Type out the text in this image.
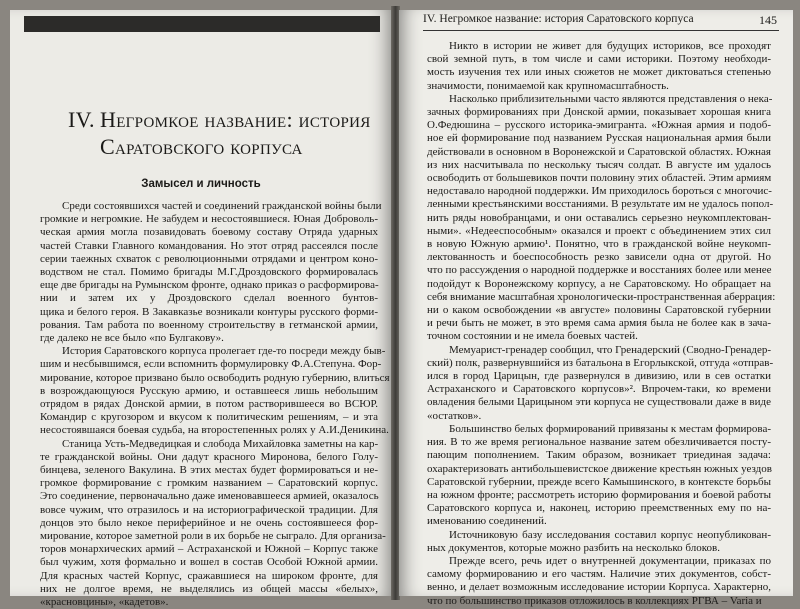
IV. Негромкое название: история
Саратовского корпуса
Замысел и личность

Среди состоявшихся частей и соединений гражданской войны были
громкие и негромкие. Не забудем и несостоявшиеся. Юная Доброволь-
ческая армия могла позавидовать боевому составу Отряда ударных
частей Ставки Главного командования. Но этот отряд рассеялся после
серии таежных схваток с революционными отрядами и центром коно-
водством не стал. Помимо бригады М.Г.Дроздовского формировалась
еще две бригады на Румынском фронте, однако приказ о расформирова-
нии и затем их у Дроздовского сделал военного бунтов-
щика и белого героя. В Закавказье возникали контуры русского форми-
рования. Там работа по военному строительству в гетманской армии,
где далеко не все было «по Булгакову».

История Саратовского корпуса пролегает где-то посреди между быв-
шим и несбывшимся, если вспомнить формулировку Ф.А.Степуна. Фор-
мирование, которое призвано было освободить родную губернию, влиться
в возрождающуюся Русскую армию, и оставшееся лишь небольшим
отрядом в рядах Донской армии, в потом растворившееся во ВСЮР.
Командир с кругозором и вкусом к политическим решениям, – и эта
несостоявшаяся боевая судьба, на второстепенных ролях у А.И.Деникина.

Станица Усть-Медведицкая и слобода Михайловка заметны на кар-
те гражданской войны. Они дадут красного Миронова, белого Голу-
бинцева, зеленого Вакулина. В этих местах будет формироваться и не-
громкое формирование с громким названием – Саратовский корпус.
Это соединение, первоначально даже именовавшееся армией, оказалось
вовсе чужим, что отразилось и на историографической традиции. Для
донцов это было некое периферийное и не очень состоявшееся фор-
мирование, которое заметной роли в их борьбе не сыграло. Для организа-
торов монархических армий – Астраханской и Южной – Корпус также
был чужим, хотя формально и вошел в состав Особой Южной армии.
Для красных частей Корпус, сражавшиеся на широком фронте, для
них не долгое время, не выделялись из общей массы «белых»,
«красновцины», «кадетов».

IV. Негромкое название: история Саратовского корпуса	145

Никто в истории не живет для будущих историков, все проходят
свой земной путь, в том числе и сами историки. Поэтому необходи-
мость изучения тех или иных сюжетов не может диктоваться степенью
значимости, понимаемой как крупномасштабность.

Насколько приблизительными часто являются представления о нека-
зачных формированиях при Донской армии, показывает хорошая книга
О.Федюшина – русского историка-эмигранта. «Южная армия и подоб-
ное ей формирование под названием Русская национальная армия были
действовали в основном в Воронежской и Саратовской областях. Южная
из них насчитывала по нескольку тысяч солдат. В августе им удалось
освободить от большевиков почти половину этих областей. Этим армиям
недоставало народной поддержки. Им приходилось бороться с многочис-
ленными крестьянскими восстаниями. В результате им не удалось попол-
нить ряды новобранцами, и они оставались серьезно неукомплектован-
ными». «Недееспособным» оказался и проект с объединением этих сил
в новую Южную армию¹. Понятно, что в гражданской войне неукомп-
лектованность и боеспособность резко зависели одна от другой. Но
что по рассуждения о народной поддержке и восстаниях более или менее
подойдут к Воронежскому корпусу, а не Саратовскому. Но обращает на
себя внимание масштабная хронологически-пространственная аберрация:
ни о каком освобождении «в августе» половины Саратовской губернии
и речи быть не может, в это время сама армия была не более как в зача-
точном состоянии и не имела боевых частей.

Мемуарист-гренадер сообщил, что Гренадерский (Сводно-Гренадер-
ский) полк, развернувшийся из батальона в Егорлыкской, отгуда «отправ-
ился в город Царицын, где развернулся в дивизию, или в сев остатки
Астраханского и Саратовского корпусов»². Впрочем-таки, ко времени
овладения белыми Царицыном эти корпуса не существовали даже в виде
«остатков».

Большинство белых формирований привязаны к местам формирова-
ния. В то же время региональное название затем обезличивается посту-
пающим пополнением. Таким образом, возникает триединая задача:
охарактеризовать антибольшевистское движение крестьян южных уездов
Саратовской губернии, прежде всего Камышинского, в контексте борьбы
на южном фронте; рассмотреть историю формирования и боевой работы
Саратовского корпуса и, наконец, историю преемственных ему по на-
именованию соединений.

Источниковую базу исследования составил корпус неопубликован-
ных документов, которые можно разбить на несколько блоков.

Прежде всего, речь идет о внутренней документации, приказах по
самому формированию и его частям. Наличие этих документов, собст-
венно, и делает возможным исследование истории Корпуса. Характерно,
что по большинство приказов отложилось в коллекциях РГВА – Varia и
